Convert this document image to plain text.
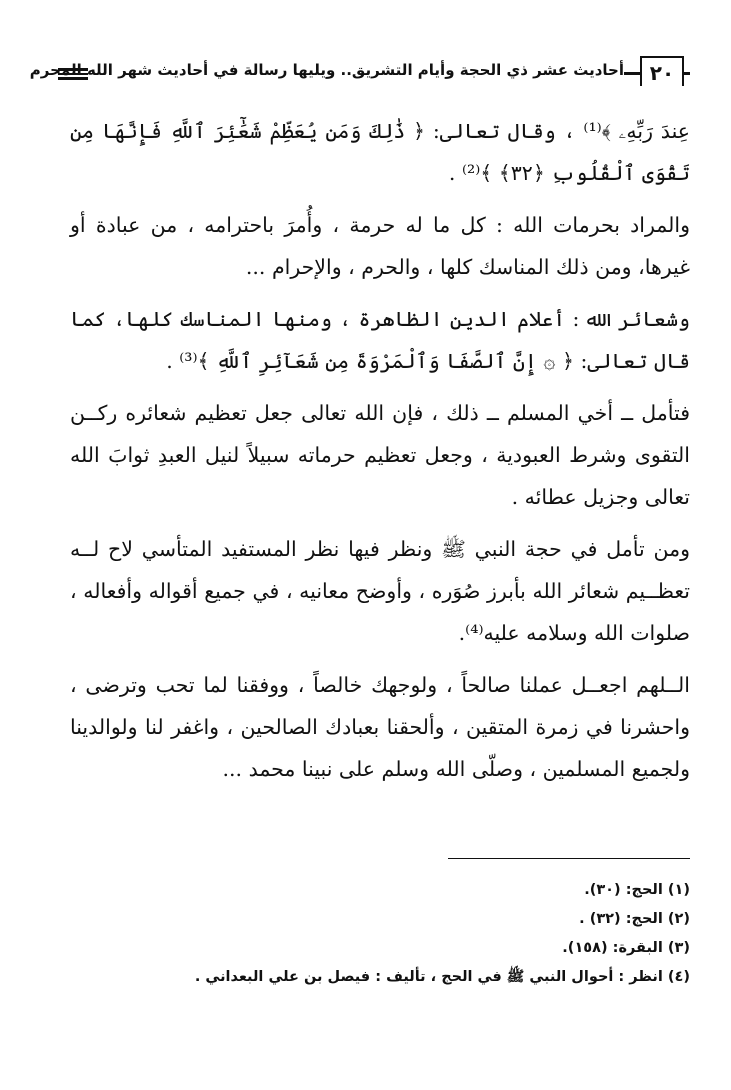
أحاديث عشر ذي الحجة وأيام التشريق.. ويليها رسالة في أحاديث شهر الله المحرم	٢٠

عِندَ رَبِّهِۦ ﴾⁽¹⁾ ، وقال تعالى: ﴿ ذَٰلِكَ وَمَن يُعَظِّمْ شَعَٰٓئِرَ ٱللَّهِ فَإِنَّهَا مِن تَقْوَى ٱلْقُلُوبِ ﴿٣٢﴾ ﴾⁽²⁾ .

والمراد بحرمات الله : كل ما له حرمة ، وأُمرَ باحترامه ، من عبادة أو غيرها، ومن ذلك المناسك كلها ، والحرم ، والإحرام ...

وشعائر الله : أعلام الدين الظاهرة ، ومنها المناسك كلها، كما قال تعالى: ﴿ ۞ إِنَّ ٱلصَّفَا وَٱلْمَرْوَةَ مِن شَعَآئِرِ ٱللَّهِ ﴾⁽³⁾ .

فتأمل ــ أخي المسلم ــ ذلك ، فإن الله تعالى جعل تعظيم شعائره ركــن التقوى وشرط العبودية ، وجعل تعظيم حرماته سبيلاً لنيل العبدِ ثوابَ الله تعالى وجزيل عطائه .

ومن تأمل في حجة النبي ﷺ ونظر فيها نظر المستفيد المتأسي لاح لــه تعظــيم شعائر الله بأبرز صُوَره ، وأوضح معانيه ، في جميع أقواله وأفعاله ، صلوات الله وسلامه عليه⁽⁴⁾.

الــلهم اجعــل عملنا صالحاً ، ولوجهك خالصاً ، ووفقنا لما تحب وترضى ، واحشرنا في زمرة المتقين ، وألحقنا بعبادك الصالحين ، واغفر لنا ولوالدينا ولجميع المسلمين ، وصلّى الله وسلم على نبينا محمد ...

(١) الحج: (٣٠).

(٢) الحج: (٣٢) .

(٣) البقرة: (١٥٨).

(٤) انظر : أحوال النبي ﷺ في الحج ، تأليف : فيصل بن علي البعداني .
